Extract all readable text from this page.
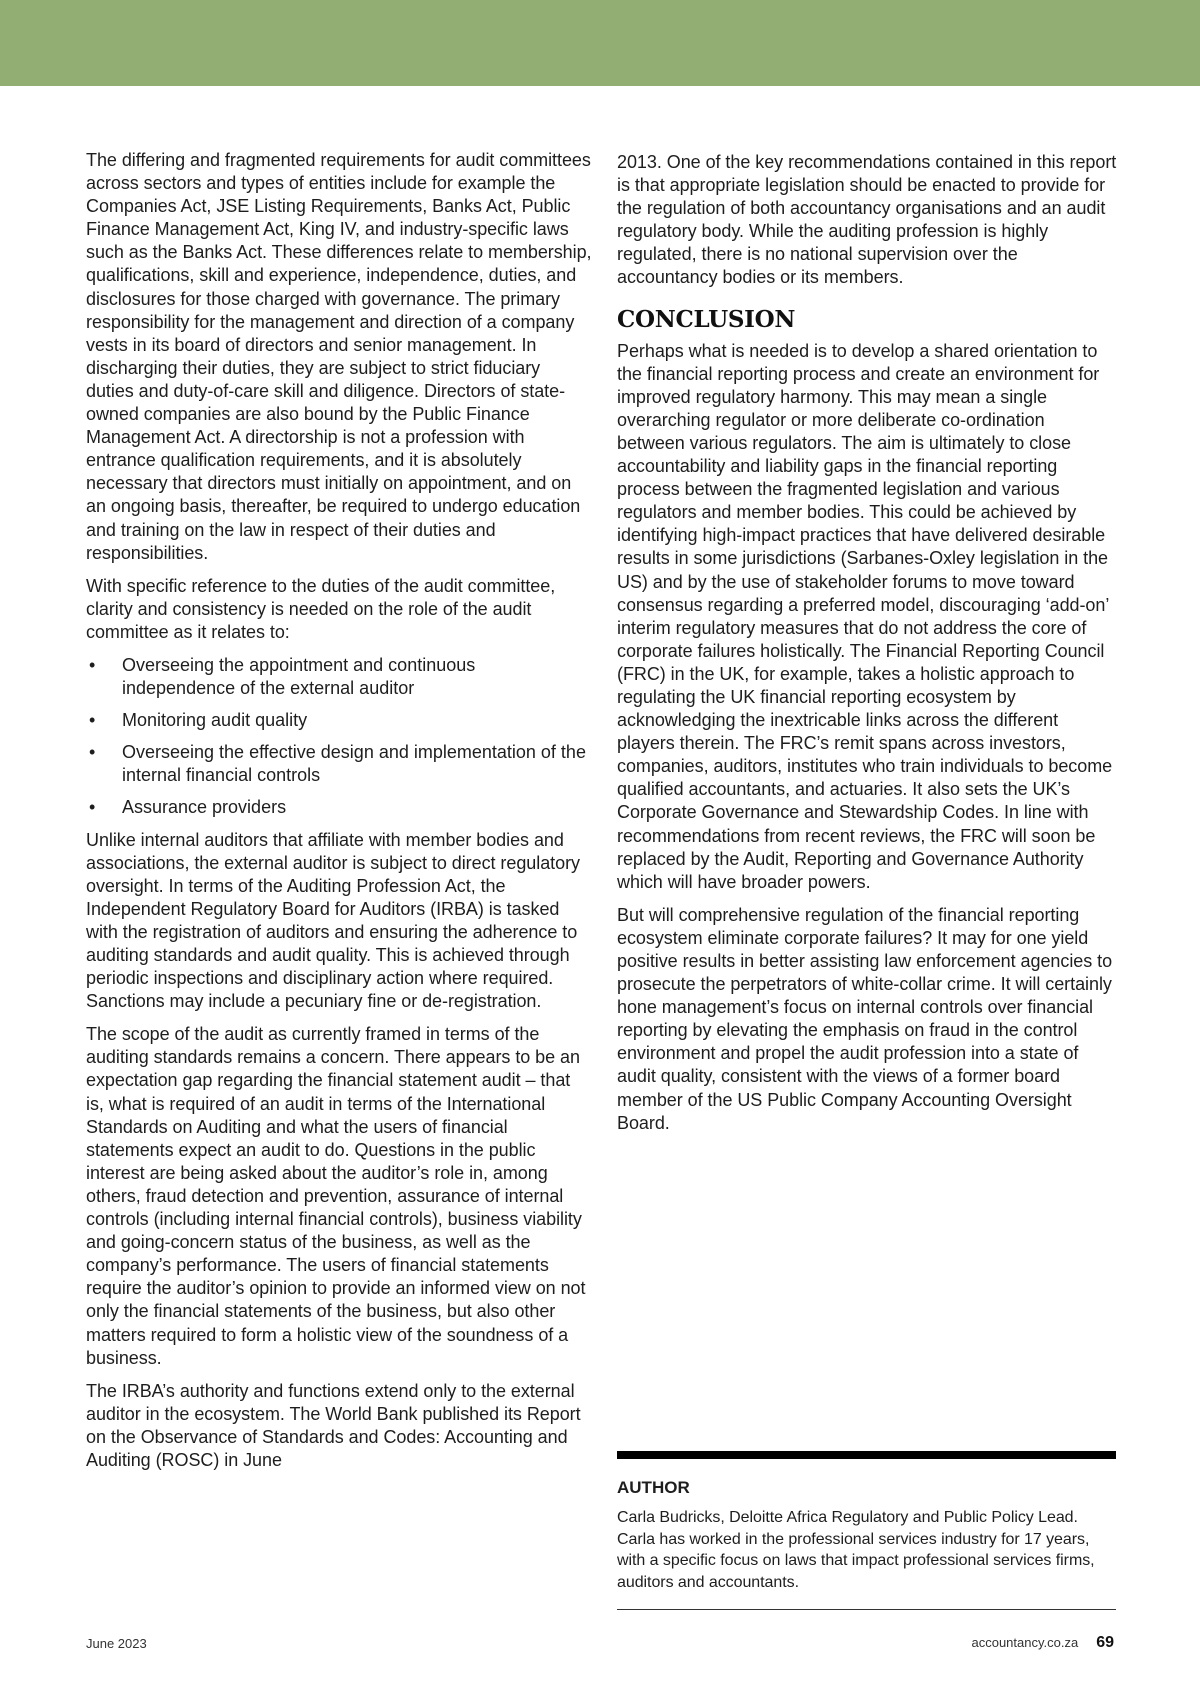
The differing and fragmented requirements for audit committees across sectors and types of entities include for example the Companies Act, JSE Listing Requirements, Banks Act, Public Finance Management Act, King IV, and industry-specific laws such as the Banks Act. These differences relate to membership, qualifications, skill and experience, independence, duties, and disclosures for those charged with governance. The primary responsibility for the management and direction of a company vests in its board of directors and senior management. In discharging their duties, they are subject to strict fiduciary duties and duty-of-care skill and diligence. Directors of state-owned companies are also bound by the Public Finance Management Act. A directorship is not a profession with entrance qualification requirements, and it is absolutely necessary that directors must initially on appointment, and on an ongoing basis, thereafter, be required to undergo education and training on the law in respect of their duties and responsibilities.

With specific reference to the duties of the audit committee, clarity and consistency is needed on the role of the audit committee as it relates to:

• Overseeing the appointment and continuous independence of the external auditor
• Monitoring audit quality
• Overseeing the effective design and implementation of the internal financial controls
• Assurance providers

Unlike internal auditors that affiliate with member bodies and associations, the external auditor is subject to direct regulatory oversight. In terms of the Auditing Profession Act, the Independent Regulatory Board for Auditors (IRBA) is tasked with the registration of auditors and ensuring the adherence to auditing standards and audit quality. This is achieved through periodic inspections and disciplinary action where required. Sanctions may include a pecuniary fine or de-registration.

The scope of the audit as currently framed in terms of the auditing standards remains a concern. There appears to be an expectation gap regarding the financial statement audit – that is, what is required of an audit in terms of the International Standards on Auditing and what the users of financial statements expect an audit to do. Questions in the public interest are being asked about the auditor’s role in, among others, fraud detection and prevention, assurance of internal controls (including internal financial controls), business viability and going-concern status of the business, as well as the company’s performance. The users of financial statements require the auditor’s opinion to provide an informed view on not only the financial statements of the business, but also other matters required to form a holistic view of the soundness of a business.

The IRBA’s authority and functions extend only to the external auditor in the ecosystem. The World Bank published its Report on the Observance of Standards and Codes: Accounting and Auditing (ROSC) in June

2013. One of the key recommendations contained in this report is that appropriate legislation should be enacted to provide for the regulation of both accountancy organisations and an audit regulatory body. While the auditing profession is highly regulated, there is no national supervision over the accountancy bodies or its members.

CONCLUSION

Perhaps what is needed is to develop a shared orientation to the financial reporting process and create an environment for improved regulatory harmony. This may mean a single overarching regulator or more deliberate co-ordination between various regulators. The aim is ultimately to close accountability and liability gaps in the financial reporting process between the fragmented legislation and various regulators and member bodies. This could be achieved by identifying high-impact practices that have delivered desirable results in some jurisdictions (Sarbanes-Oxley legislation in the US) and by the use of stakeholder forums to move toward consensus regarding a preferred model, discouraging ‘add-on’ interim regulatory measures that do not address the core of corporate failures holistically. The Financial Reporting Council (FRC) in the UK, for example, takes a holistic approach to regulating the UK financial reporting ecosystem by acknowledging the inextricable links across the different players therein. The FRC’s remit spans across investors, companies, auditors, institutes who train individuals to become qualified accountants, and actuaries. It also sets the UK’s Corporate Governance and Stewardship Codes. In line with recommendations from recent reviews, the FRC will soon be replaced by the Audit, Reporting and Governance Authority which will have broader powers.

But will comprehensive regulation of the financial reporting ecosystem eliminate corporate failures? It may for one yield positive results in better assisting law enforcement agencies to prosecute the perpetrators of white-collar crime. It will certainly hone management’s focus on internal controls over financial reporting by elevating the emphasis on fraud in the control environment and propel the audit profession into a state of audit quality, consistent with the views of a former board member of the US Public Company Accounting Oversight Board.

AUTHOR

Carla Budricks, Deloitte Africa Regulatory and Public Policy Lead. Carla has worked in the professional services industry for 17 years, with a specific focus on laws that impact professional services firms, auditors and accountants.

June 2023	accountancy.co.za 69
